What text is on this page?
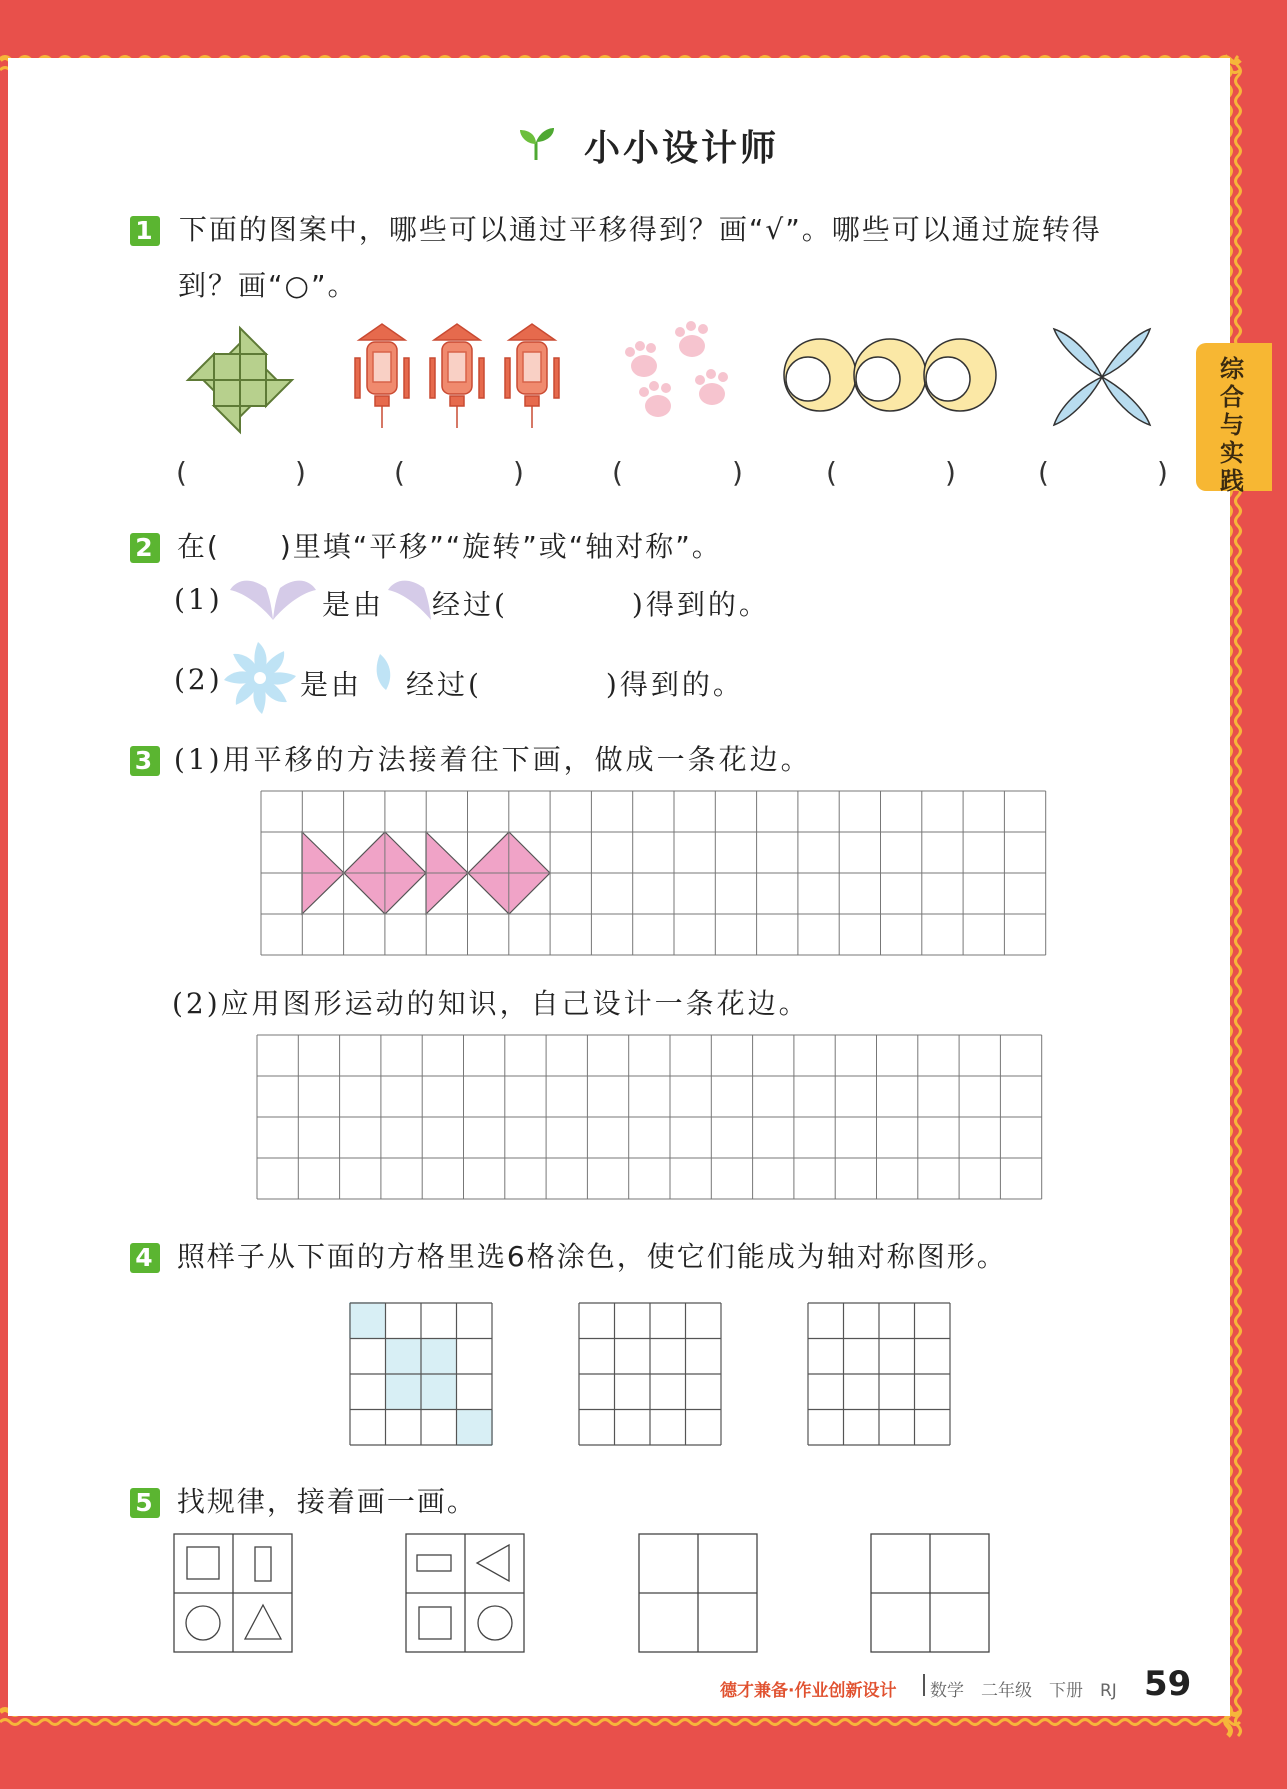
综合与实践
小小设计师
1 下面的图案中，哪些可以通过平移得到？画“√”。哪些可以通过旋转得
到？画“○”。
(	)	(	)	(	)	(	)	(	)
2 在(　　)里填“平移”“旋转”或“轴对称”。
(1)	是由 经过(　　　　)得到的。
(2)	是由 经过(　　　　)得到的。
3 (1)用平移的方法接着往下画，做成一条花边。
(2)应用图形运动的知识，自己设计一条花边。
4 照样子从下面的方格里选6格涂色，使它们能成为轴对称图形。
5 找规律，接着画一画。
德才兼备·作业创新设计 数学　二年级　下册　RJ 59
